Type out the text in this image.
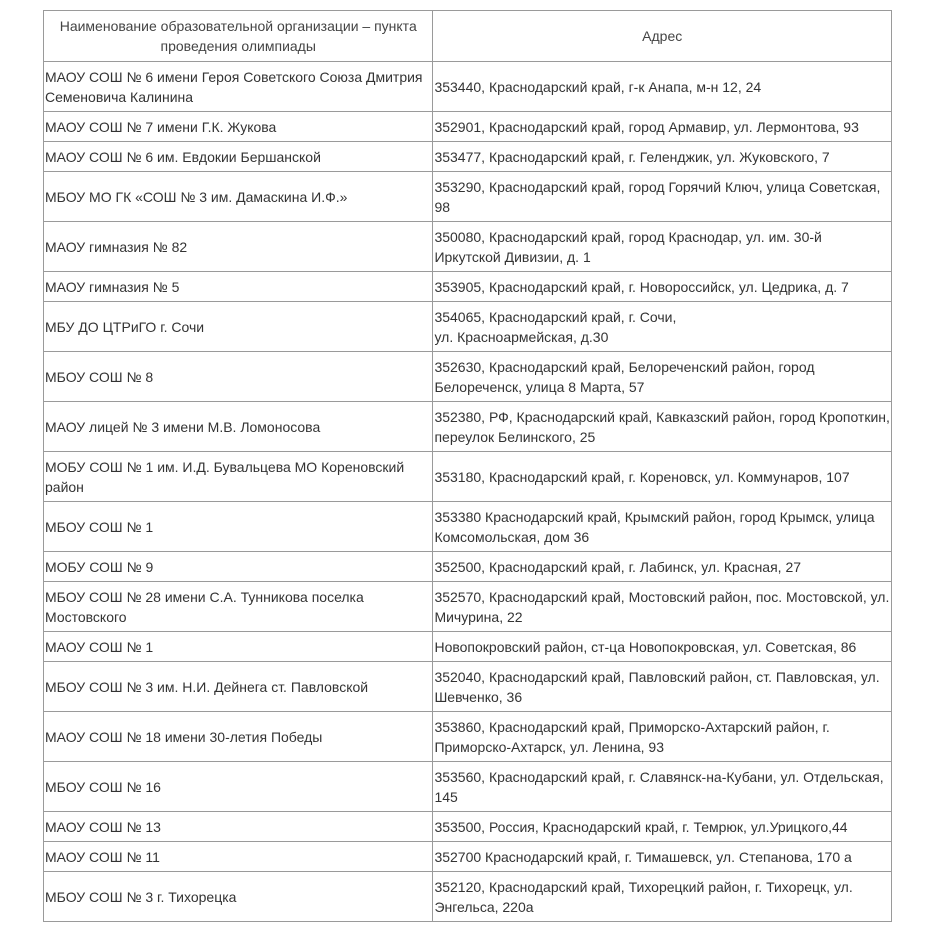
Наименование образовательной организации – пункта проведения олимпиады	Адрес
МАОУ СОШ № 6 имени Героя Советского Союза Дмитрия Семеновича Калинина	353440, Краснодарский край, г-к Анапа, м-н 12, 24
МАОУ СОШ № 7 имени Г.К. Жукова	352901, Краснодарский край, город Армавир, ул. Лермонтова, 93
МАОУ СОШ № 6 им. Евдокии Бершанской	353477, Краснодарский край, г. Геленджик, ул. Жуковского, 7
МБОУ МО ГК «СОШ № 3 им. Дамаскина И.Ф.»	353290, Краснодарский край, город Горячий Ключ, улица Советская, 98
МАОУ гимназия № 82	350080, Краснодарский край, город Краснодар, ул. им. 30-й Иркутской Дивизии, д. 1
МАОУ гимназия № 5	353905, Краснодарский край, г. Новороссийск, ул. Цедрика, д. 7
МБУ ДО ЦТРиГО г. Сочи	354065, Краснодарский край, г. Сочи,
ул. Красноармейская, д.30
МБОУ СОШ № 8	352630, Краснодарский край, Белореченский район, город Белореченск, улица 8 Марта, 57
МАОУ лицей № 3 имени М.В. Ломоносова	352380, РФ, Краснодарский край, Кавказский район, город Кропоткин, переулок Белинского, 25
МОБУ СОШ № 1 им. И.Д. Бувальцева МО Кореновский район	353180, Краснодарский край, г. Кореновск, ул. Коммунаров, 107
МБОУ СОШ № 1	353380 Краснодарский край, Крымский район, город Крымск, улица Комсомольская, дом 36
МОБУ СОШ № 9	352500, Краснодарский край, г. Лабинск, ул. Красная, 27
МБОУ СОШ № 28 имени С.А. Тунникова поселка Мостовского	352570, Краснодарский край, Мостовский район, пос. Мостовской, ул. Мичурина, 22
МАОУ СОШ № 1	Новопокровский район, ст-ца Новопокровская, ул. Советская, 86
МБОУ СОШ № 3 им. Н.И. Дейнега ст. Павловской	352040, Краснодарский край, Павловский район, ст. Павловская, ул. Шевченко, 36
МАОУ СОШ № 18 имени 30-летия Победы	353860, Краснодарский край, Приморско-Ахтарский район, г. Приморско-Ахтарск, ул. Ленина, 93
МБОУ СОШ № 16	353560, Краснодарский край, г. Славянск-на-Кубани, ул. Отдельская, 145
МАОУ СОШ № 13	353500, Россия, Краснодарский край, г. Темрюк, ул.Урицкого,44
МАОУ СОШ № 11	352700 Краснодарский край, г. Тимашевск, ул. Степанова, 170 а
МБОУ СОШ № 3 г. Тихорецка	352120, Краснодарский край, Тихорецкий район, г. Тихорецк, ул. Энгельса, 220а
